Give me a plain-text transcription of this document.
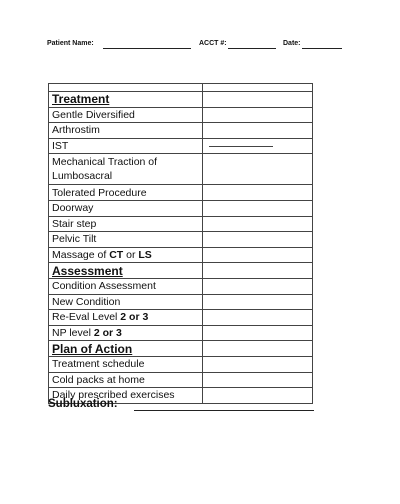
Patient Name:	ACCT #:	Date:

Treatment	
Gentle Diversified	
Arthrostim	
IST	

Mechanical Traction of Lumbosacral	
Tolerated Procedure	
Doorway	
Stair step	
Pelvic Tilt	
Massage of CT or LS	
Assessment	
Condition Assessment	
New Condition	
Re-Eval Level 2 or 3	
NP level 2 or 3	
Plan of Action	
Treatment schedule	
Cold packs at home	
Daily prescribed exercises	
Subluxation:
